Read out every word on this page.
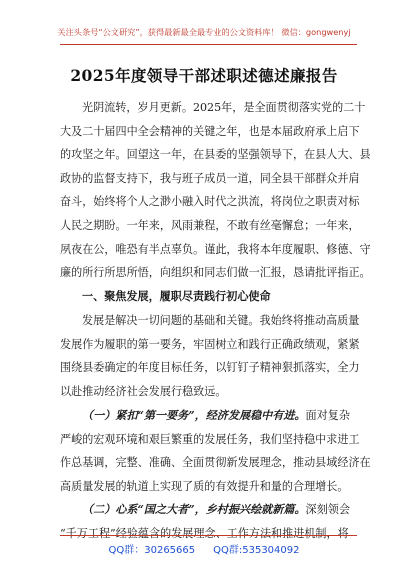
关注头条号“公文研究”，获得最新最全最专业的公文资料库！ 微信：gongwenyj
2025年度领导干部述职述德述廉报告
光阴流转，岁月更新。2025年，是全面贯彻落实党的二十
大及二十届四中全会精神的关键之年，也是本届政府承上启下
的攻坚之年。回望这一年，在县委的坚强领导下，在县人大、县
政协的监督支持下，我与班子成员一道，同全县干部群众并肩
奋斗，始终将个人之渺小融入时代之洪流，将岗位之职责对标
人民之期盼。一年来，风雨兼程，不敢有丝毫懈怠；一年来，
夙夜在公，唯恐有半点辜负。谨此，我将本年度履职、修德、守
廉的所行所思所悟，向组织和同志们做一汇报，恳请批评指正。
一、聚焦发展，履职尽责践行初心使命
发展是解决一切问题的基础和关键。我始终将推动高质量
发展作为履职的第一要务，牢固树立和践行正确政绩观，紧紧
围绕县委确定的年度目标任务，以钉钉子精神狠抓落实，全力
以赴推动经济社会发展行稳致远。
（一）紧扣“第一要务”，经济发展稳中有进。面对复杂
严峻的宏观环境和艰巨繁重的发展任务，我们坚持稳中求进工
作总基调，完整、准确、全面贯彻新发展理念，推动县域经济在
高质量发展的轨道上实现了质的有效提升和量的合理增长。
（二）心系“国之大者”，乡村振兴绘就新篇。深刻领会
“千万工程”经验蕴含的发展理念、工作方法和推进机制，将
QQ群：30265665 QQ群:535304092
